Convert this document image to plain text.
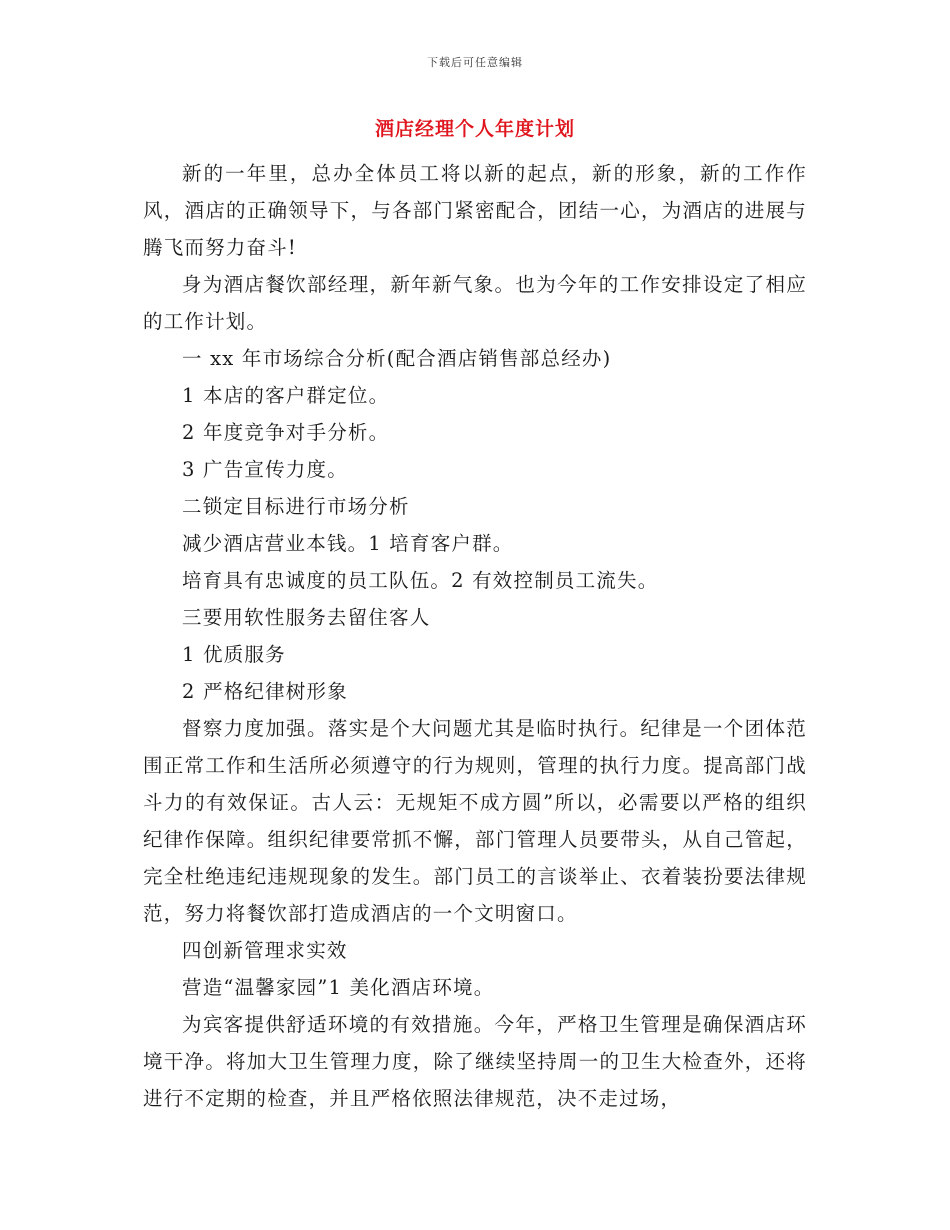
下载后可任意编辑
酒店经理个人年度计划

新的一年里，总办全体员工将以新的起点，新的形象，新的工作作风，酒店的正确领导下，与各部门紧密配合，团结一心，为酒店的进展与腾飞而努力奋斗!

身为酒店餐饮部经理，新年新气象。也为今年的工作安排设定了相应的工作计划。

一 xx 年市场综合分析(配合酒店销售部总经办)

1 本店的客户群定位。

2 年度竞争对手分析。

3 广告宣传力度。

二锁定目标进行市场分析

减少酒店营业本钱。1 培育客户群。

培育具有忠诚度的员工队伍。2 有效控制员工流失。

三要用软性服务去留住客人

1 优质服务

2 严格纪律树形象

督察力度加强。落实是个大问题尤其是临时执行。纪律是一个团体范围正常工作和生活所必须遵守的行为规则，管理的执行力度。提高部门战斗力的有效保证。古人云：无规矩不成方圆”所以，必需要以严格的组织纪律作保障。组织纪律要常抓不懈，部门管理人员要带头，从自己管起，完全杜绝违纪违规现象的发生。部门员工的言谈举止、衣着装扮要法律规范，努力将餐饮部打造成酒店的一个文明窗口。

四创新管理求实效

营造“温馨家园”1 美化酒店环境。

为宾客提供舒适环境的有效措施。今年，严格卫生管理是确保酒店环境干净。将加大卫生管理力度，除了继续坚持周一的卫生大检查外，还将进行不定期的检查，并且严格依照法律规范，决不走过场，
